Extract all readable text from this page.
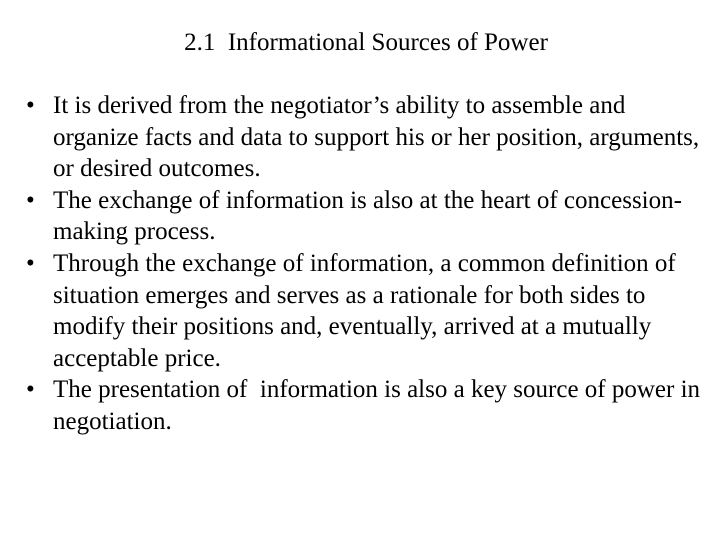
2.1  Informational Sources of Power
• It is derived from the negotiator’s ability to assemble and organize facts and data to support his or her position, arguments, or desired outcomes.
• The exchange of information is also at the heart of concession-making process.
• Through the exchange of information, a common definition of situation emerges and serves as a rationale for both sides to modify their positions and, eventually, arrived at a mutually acceptable price.
• The presentation of  information is also a key source of power in negotiation.
